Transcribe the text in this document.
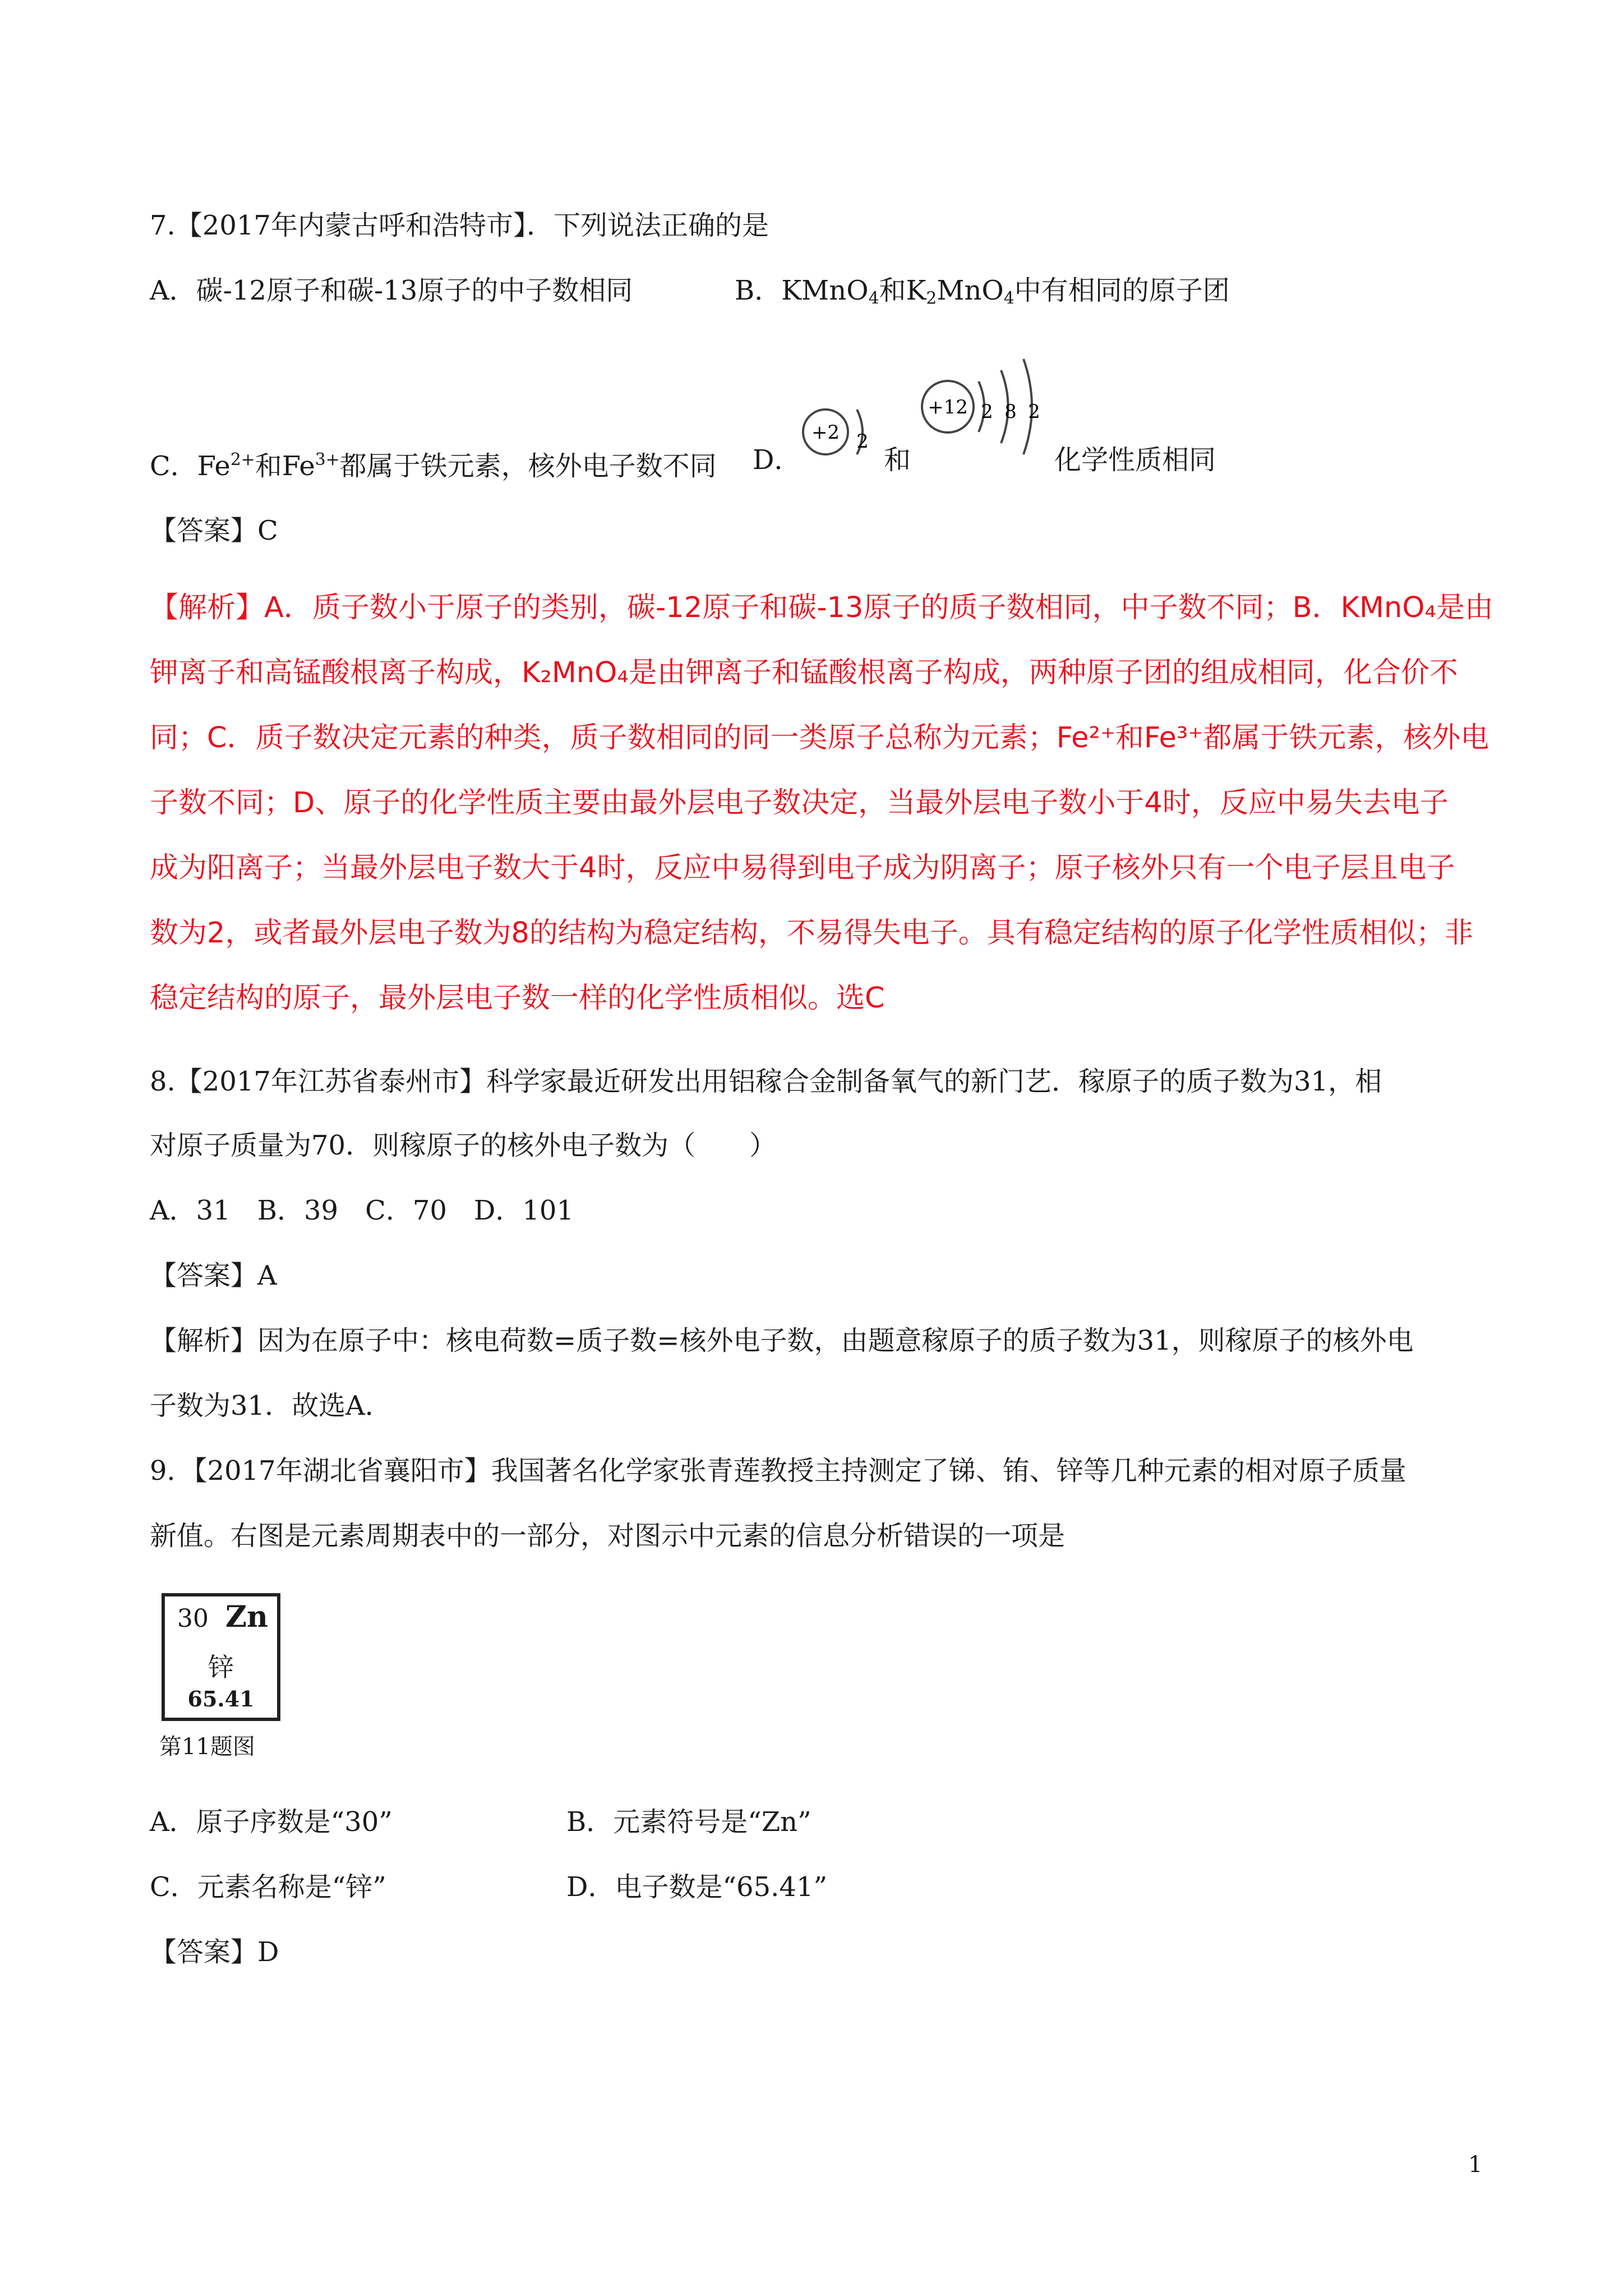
7.【2017年内蒙古呼和浩特市】．下列说法正确的是
A．碳-12原子和碳-13原子的中子数相同	B．KMnO$_4$和$K_2MnO_4$中有相同的原子团
C．$Fe^{2+}$和$Fe^{3+}$都属于铁元素，核外电子数不同 D．
+2 2
和
+12 2 8 2
化学性质相同
【答案】C
【解析】A．质子数小于原子的类别，碳-12原子和碳-13原子的质子数相同，中子数不同；B．KMnO₄是由
钾离子和高锰酸根离子构成，K₂MnO₄是由钾离子和锰酸根离子构成，两种原子团的组成相同，化合价不
同；C．质子数决定元素的种类，质子数相同的同一类原子总称为元素；Fe²⁺和Fe³⁺都属于铁元素，核外电
子数不同；D、原子的化学性质主要由最外层电子数决定，当最外层电子数小于4时，反应中易失去电子
成为阳离子；当最外层电子数大于4时，反应中易得到电子成为阴离子；原子核外只有一个电子层且电子
数为2，或者最外层电子数为8的结构为稳定结构，不易得失电子。具有稳定结构的原子化学性质相似；非
稳定结构的原子，最外层电子数一样的化学性质相似。选C
8.【2017年江苏省泰州市】科学家最近研发出用铝稼合金制备氧气的新门艺．稼原子的质子数为31，相
对原子质量为70．则稼原子的核外电子数为（　　）
A．31　B．39　C．70　D．101
【答案】A
【解析】因为在原子中：核电荷数=质子数=核外电子数，由题意稼原子的质子数为31，则稼原子的核外电
子数为31．故选A．
9．【2017年湖北省襄阳市】我国著名化学家张青莲教授主持测定了锑、铕、锌等几种元素的相对原子质量
新值。右图是元素周期表中的一部分，对图示中元素的信息分析错误的一项是
30 Zn
锌
65.41
第11题图
A．原子序数是“30”	B．元素符号是“Zn”
C．元素名称是“锌”	D．电子数是“65.41”
【答案】D
1
